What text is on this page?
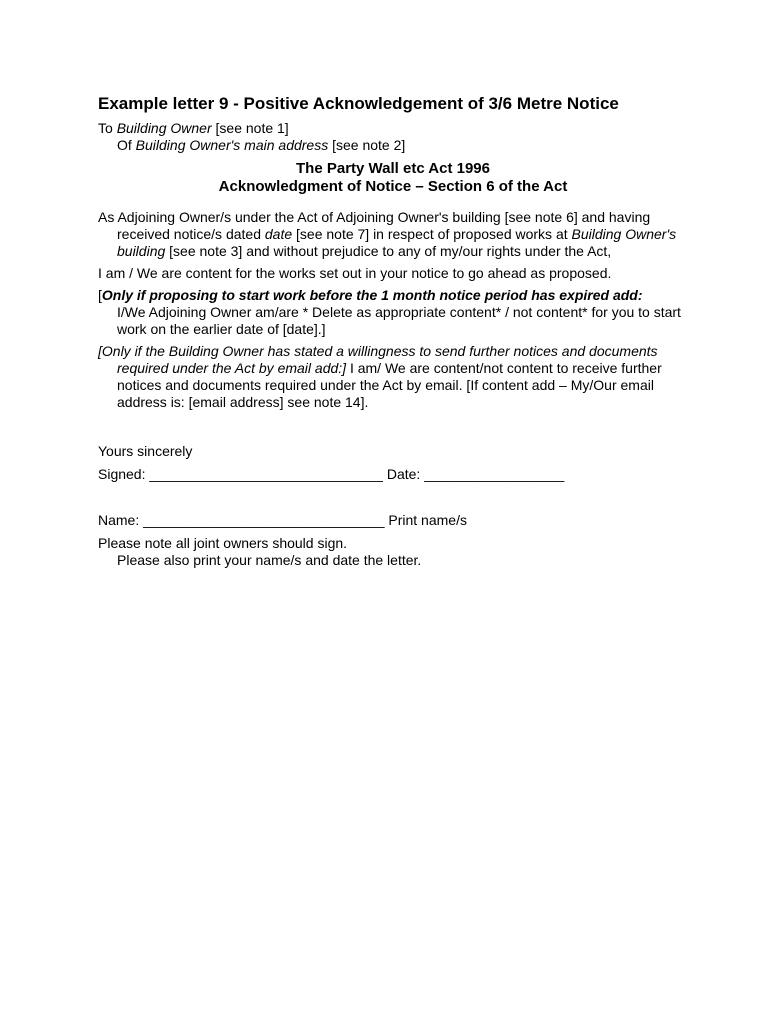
Example letter 9 - Positive Acknowledgement of 3/6 Metre Notice

To Building Owner [see note 1]

Of Building Owner's main address [see note 2]

The Party Wall etc Act 1996

Acknowledgment of Notice – Section 6 of the Act

As Adjoining Owner/s under the Act of Adjoining Owner's building [see note 6] and having received notice/s dated date [see note 7] in respect of proposed works at Building Owner's building [see note 3] and without prejudice to any of my/our rights under the Act,

I am / We are content for the works set out in your notice to go ahead as proposed.

[Only if proposing to start work before the 1 month notice period has expired add:

I/We Adjoining Owner am/are * Delete as appropriate content* / not content* for you to start work on the earlier date of [date].]

[Only if the Building Owner has stated a willingness to send further notices and documents required under the Act by email add:] I am/ We are content/not content to receive further notices and documents required under the Act by email. [If content add – My/Our email address is: [email address] see note 14].

Yours sincerely

Signed: ______________________________ Date: __________________

Name: _______________________________ Print name/s

Please note all joint owners should sign.

Please also print your name/s and date the letter.
